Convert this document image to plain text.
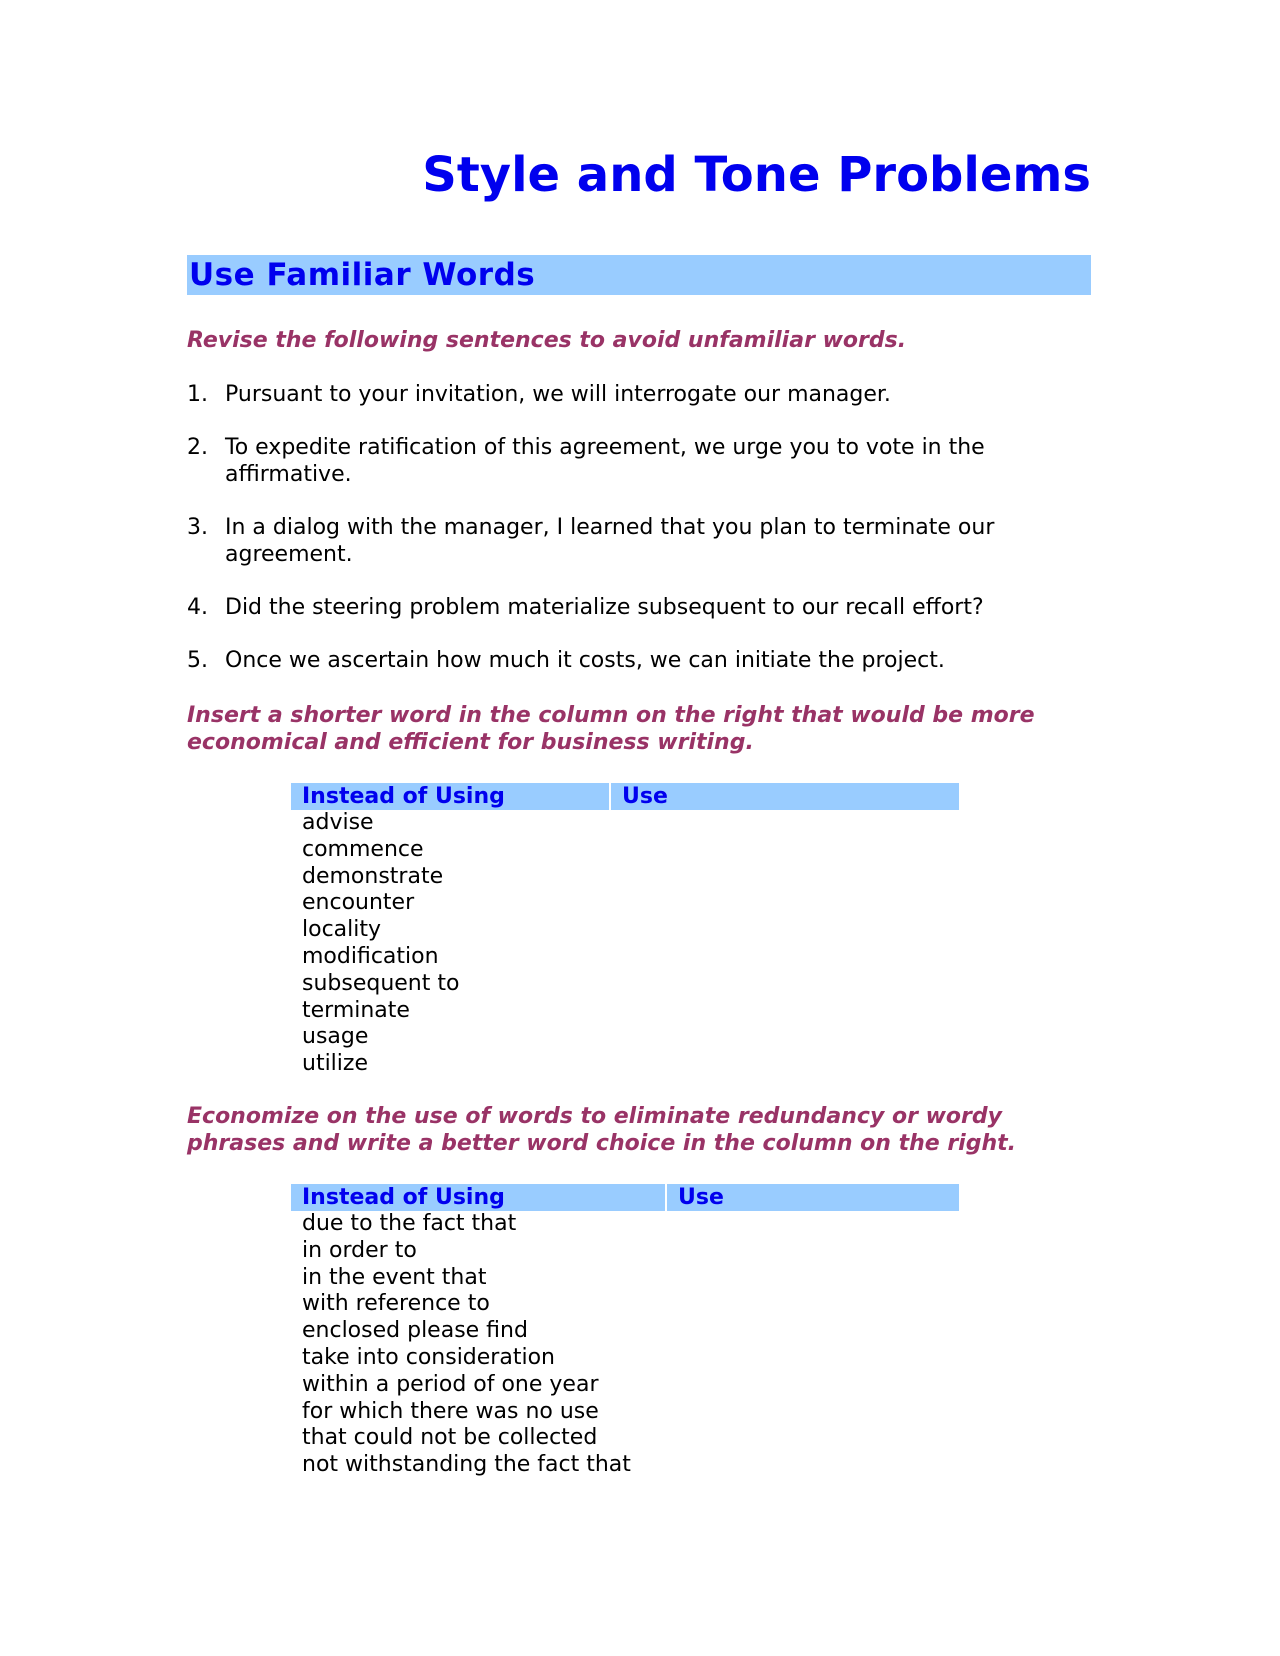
Style and Tone Problems
Use Familiar Words

Revise the following sentences to avoid unfamiliar words.

1. Pursuant to your invitation, we will interrogate our manager.
2. To expedite ratification of this agreement, we urge you to vote in the affirmative.
3. In a dialog with the manager, I learned that you plan to terminate our agreement.
4. Did the steering problem materialize subsequent to our recall effort?
5. Once we ascertain how much it costs, we can initiate the project.

Insert a shorter word in the column on the right that would be more economical and efficient for business writing.

Instead of Using	Use
advise
commence
demonstrate
encounter
locality
modification
subsequent to
terminate
usage
utilize

Economize on the use of words to eliminate redundancy or wordy phrases and write a better word choice in the column on the right.

Instead of Using	Use
due to the fact that
in order to
in the event that
with reference to
enclosed please find
take into consideration
within a period of one year
for which there was no use
that could not be collected
not withstanding the fact that
